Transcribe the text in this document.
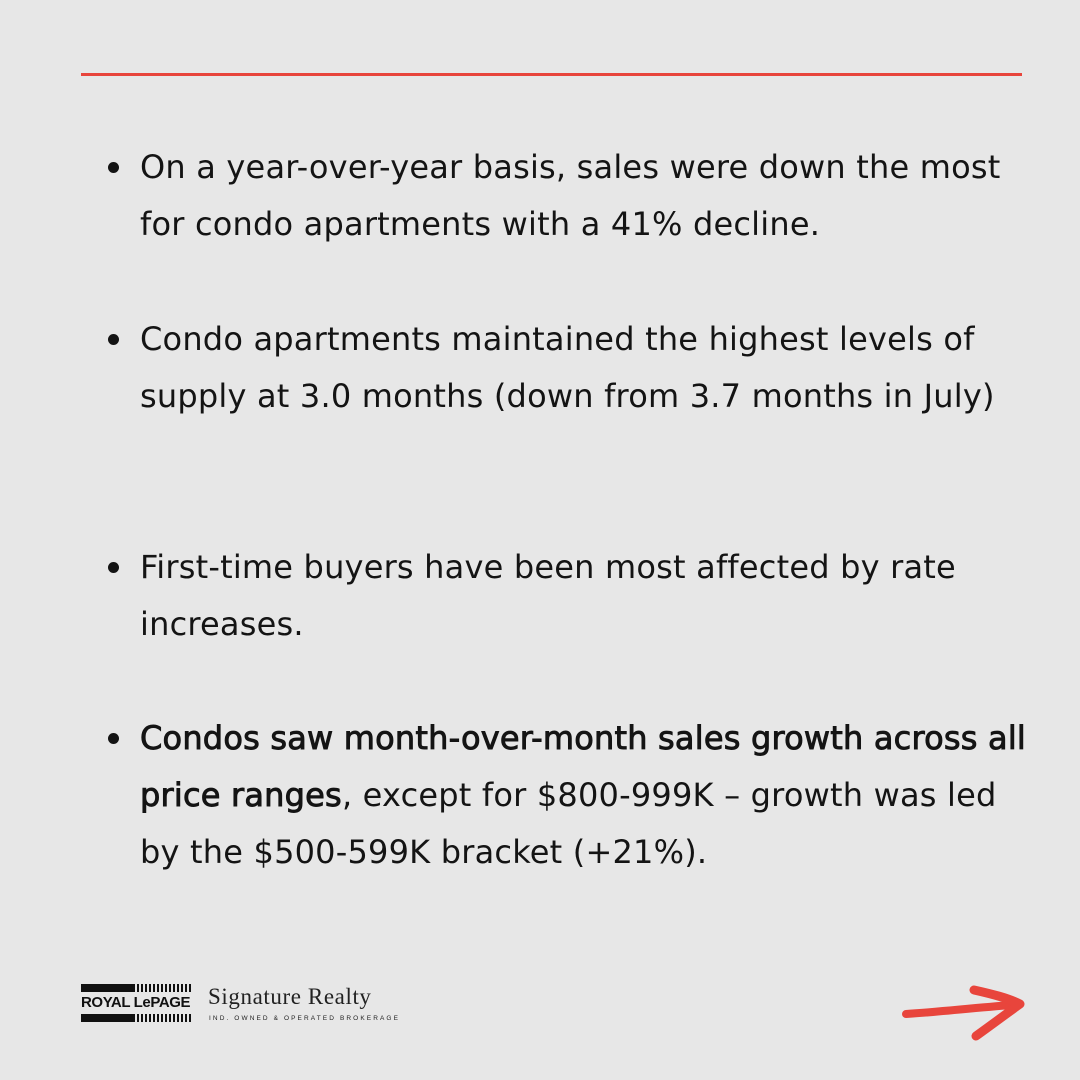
On a year-over-year basis, sales were down the most for condo apartments with a 41% decline.
Condo apartments maintained the highest levels of supply at 3.0 months (down from 3.7 months in July)
First-time buyers have been most affected by rate increases.
Condos saw month-over-month sales growth across all price ranges, except for $800-999K – growth was led by the $500-599K bracket (+21%).
ROYAL LePAGE Signature Realty
IND. OWNED & OPERATED BROKERAGE
